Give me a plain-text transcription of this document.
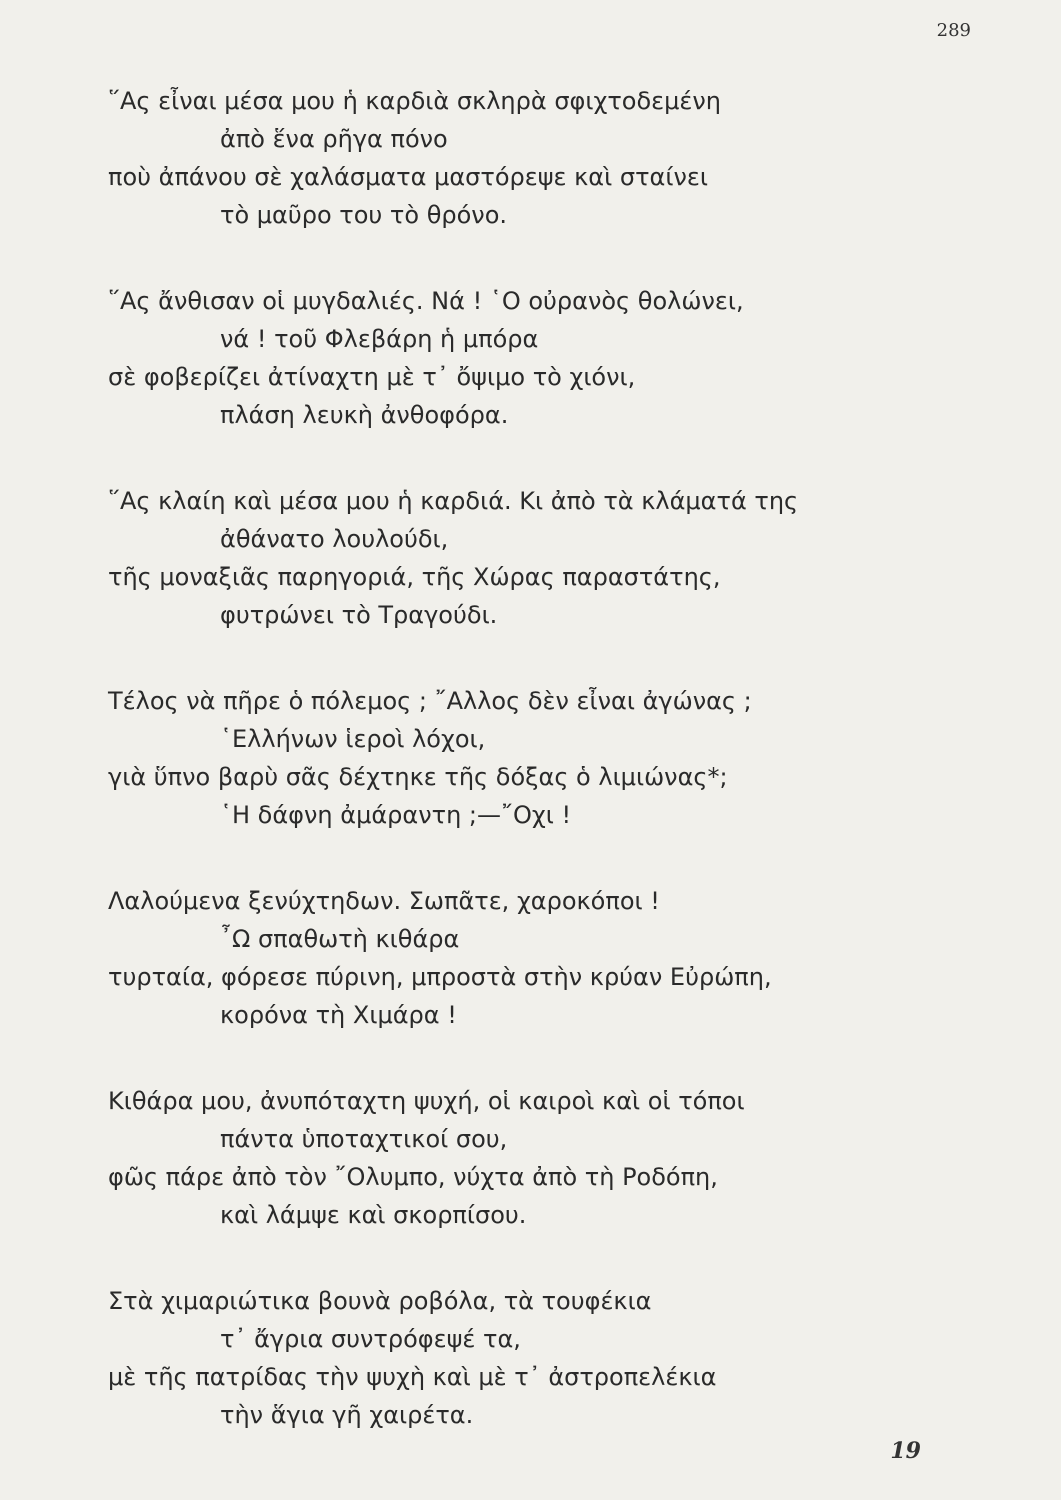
289
῞Ας εἶναι μέσα μου ἡ καρδιὰ σκληρὰ σφιχτοδεμένη
ἀπὸ ἕνα ρῆγα πόνο
ποὺ ἀπάνου σὲ χαλάσματα μαστόρεψε καὶ σταίνει
τὸ μαῦρο του τὸ θρόνο.
῞Ας ἄνθισαν οἱ μυγδαλιές. Νά ! ῾Ο οὐρανὸς θολώνει,
νά ! τοῦ Φλεβάρη ἡ μπόρα
σὲ φοβερίζει ἀτίναχτη μὲ τ᾿ ὄψιμο τὸ χιόνι,
πλάση λευκὴ ἀνθοφόρα.
῞Ας κλαίη καὶ μέσα μου ἡ καρδιά. Κι ἀπὸ τὰ κλάματά της
ἀθάνατο λουλούδι,
τῆς μοναξιᾶς παρηγοριά, τῆς Χώρας παραστάτης,
φυτρώνει τὸ Τραγούδι.
Τέλος νὰ πῆρε ὁ πόλεμος ; ῎Αλλος δὲν εἶναι ἀγώνας ;
῾Ελλήνων ἱεροὶ λόχοι,
γιὰ ὕπνο βαρὺ σᾶς δέχτηκε τῆς δόξας ὁ λιμιώνας*;
῾Η δάφνη ἀμάραντη ;—῎Οχι !
Λαλούμενα ξενύχτηδων. Σωπᾶτε, χαροκόποι !
῏Ω σπαθωτὴ κιθάρα
τυρταία, φόρεσε πύρινη, μπροστὰ στὴν κρύαν Εὐρώπη,
κορόνα τὴ Χιμάρα !
Κιθάρα μου, ἀνυπόταχτη ψυχή, οἱ καιροὶ καὶ οἱ τόποι
πάντα ὑποταχτικοί σου,
φῶς πάρε ἀπὸ τὸν ῎Ολυμπο, νύχτα ἀπὸ τὴ Ροδόπη,
καὶ λάμψε καὶ σκορπίσου.
Στὰ χιμαριώτικα βουνὰ ροβόλα, τὰ τουφέκια
τ᾿ ἄγρια συντρόφεψέ τα,
μὲ τῆς πατρίδας τὴν ψυχὴ καὶ μὲ τ᾿ ἀστροπελέκια
τὴν ἅγια γῆ χαιρέτα.
19
